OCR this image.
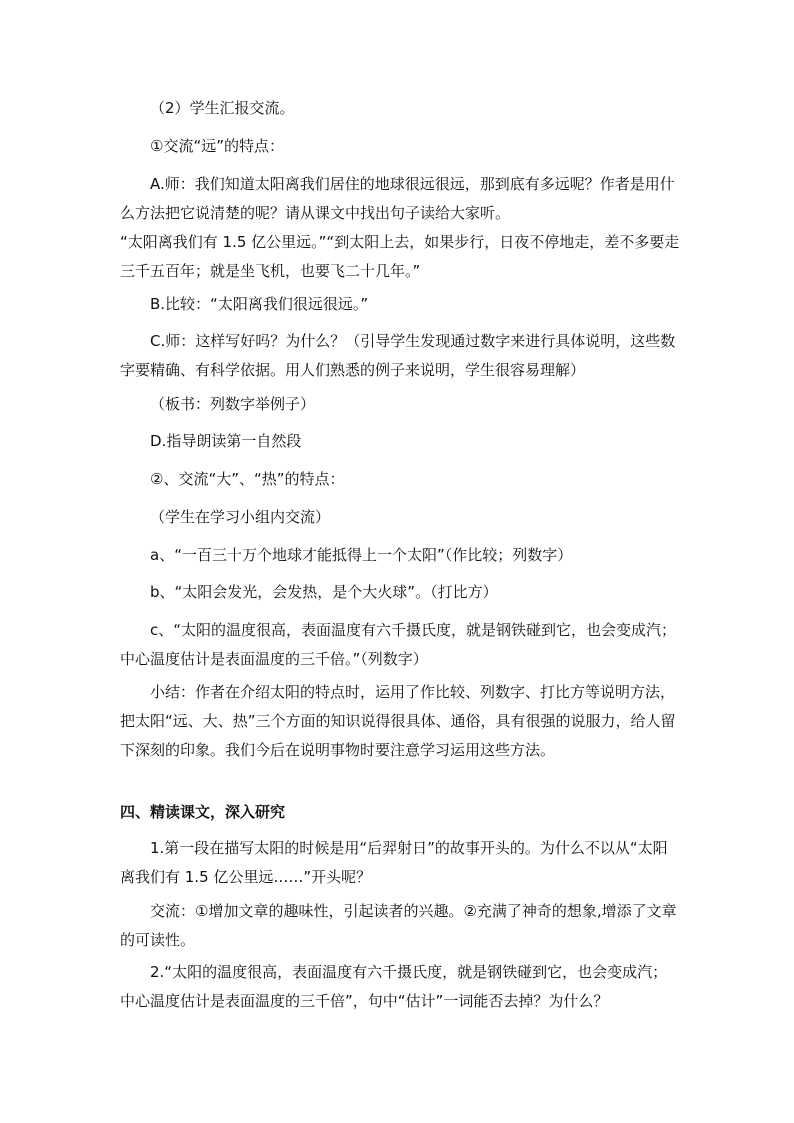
（2）学生汇报交流。

①交流“远”的特点：

A.师：我们知道太阳离我们居住的地球很远很远，那到底有多远呢？作者是用什么方法把它说清楚的呢？请从课文中找出句子读给大家听。

“太阳离我们有 1.5 亿公里远。”“到太阳上去，如果步行，日夜不停地走，差不多要走三千五百年；就是坐飞机，也要飞二十几年。”

B.比较：“太阳离我们很远很远。”

C.师：这样写好吗？为什么？（引导学生发现通过数字来进行具体说明，这些数字要精确、有科学依据。用人们熟悉的例子来说明，学生很容易理解）

（板书：列数字举例子）

D.指导朗读第一自然段

②、交流“大”、“热”的特点：

（学生在学习小组内交流）

a、“一百三十万个地球才能抵得上一个太阳”（作比较；列数字）

b、“太阳会发光，会发热，是个大火球”。（打比方）

c、“太阳的温度很高，表面温度有六千摄氏度，就是钢铁碰到它，也会变成汽；中心温度估计是表面温度的三千倍。”（列数字）

小结：作者在介绍太阳的特点时，运用了作比较、列数字、打比方等说明方法，把太阳“远、大、热”三个方面的知识说得很具体、通俗，具有很强的说服力，给人留下深刻的印象。我们今后在说明事物时要注意学习运用这些方法。

四、精读课文，深入研究

1.第一段在描写太阳的时候是用“后羿射日”的故事开头的。为什么不以从“太阳离我们有 1.5 亿公里远……”开头呢？

交流：①增加文章的趣味性，引起读者的兴趣。②充满了神奇的想象,增添了文章的可读性。

2.“太阳的温度很高，表面温度有六千摄氏度，就是钢铁碰到它，也会变成汽；中心温度估计是表面温度的三千倍”，句中“估计”一词能否去掉？为什么？
